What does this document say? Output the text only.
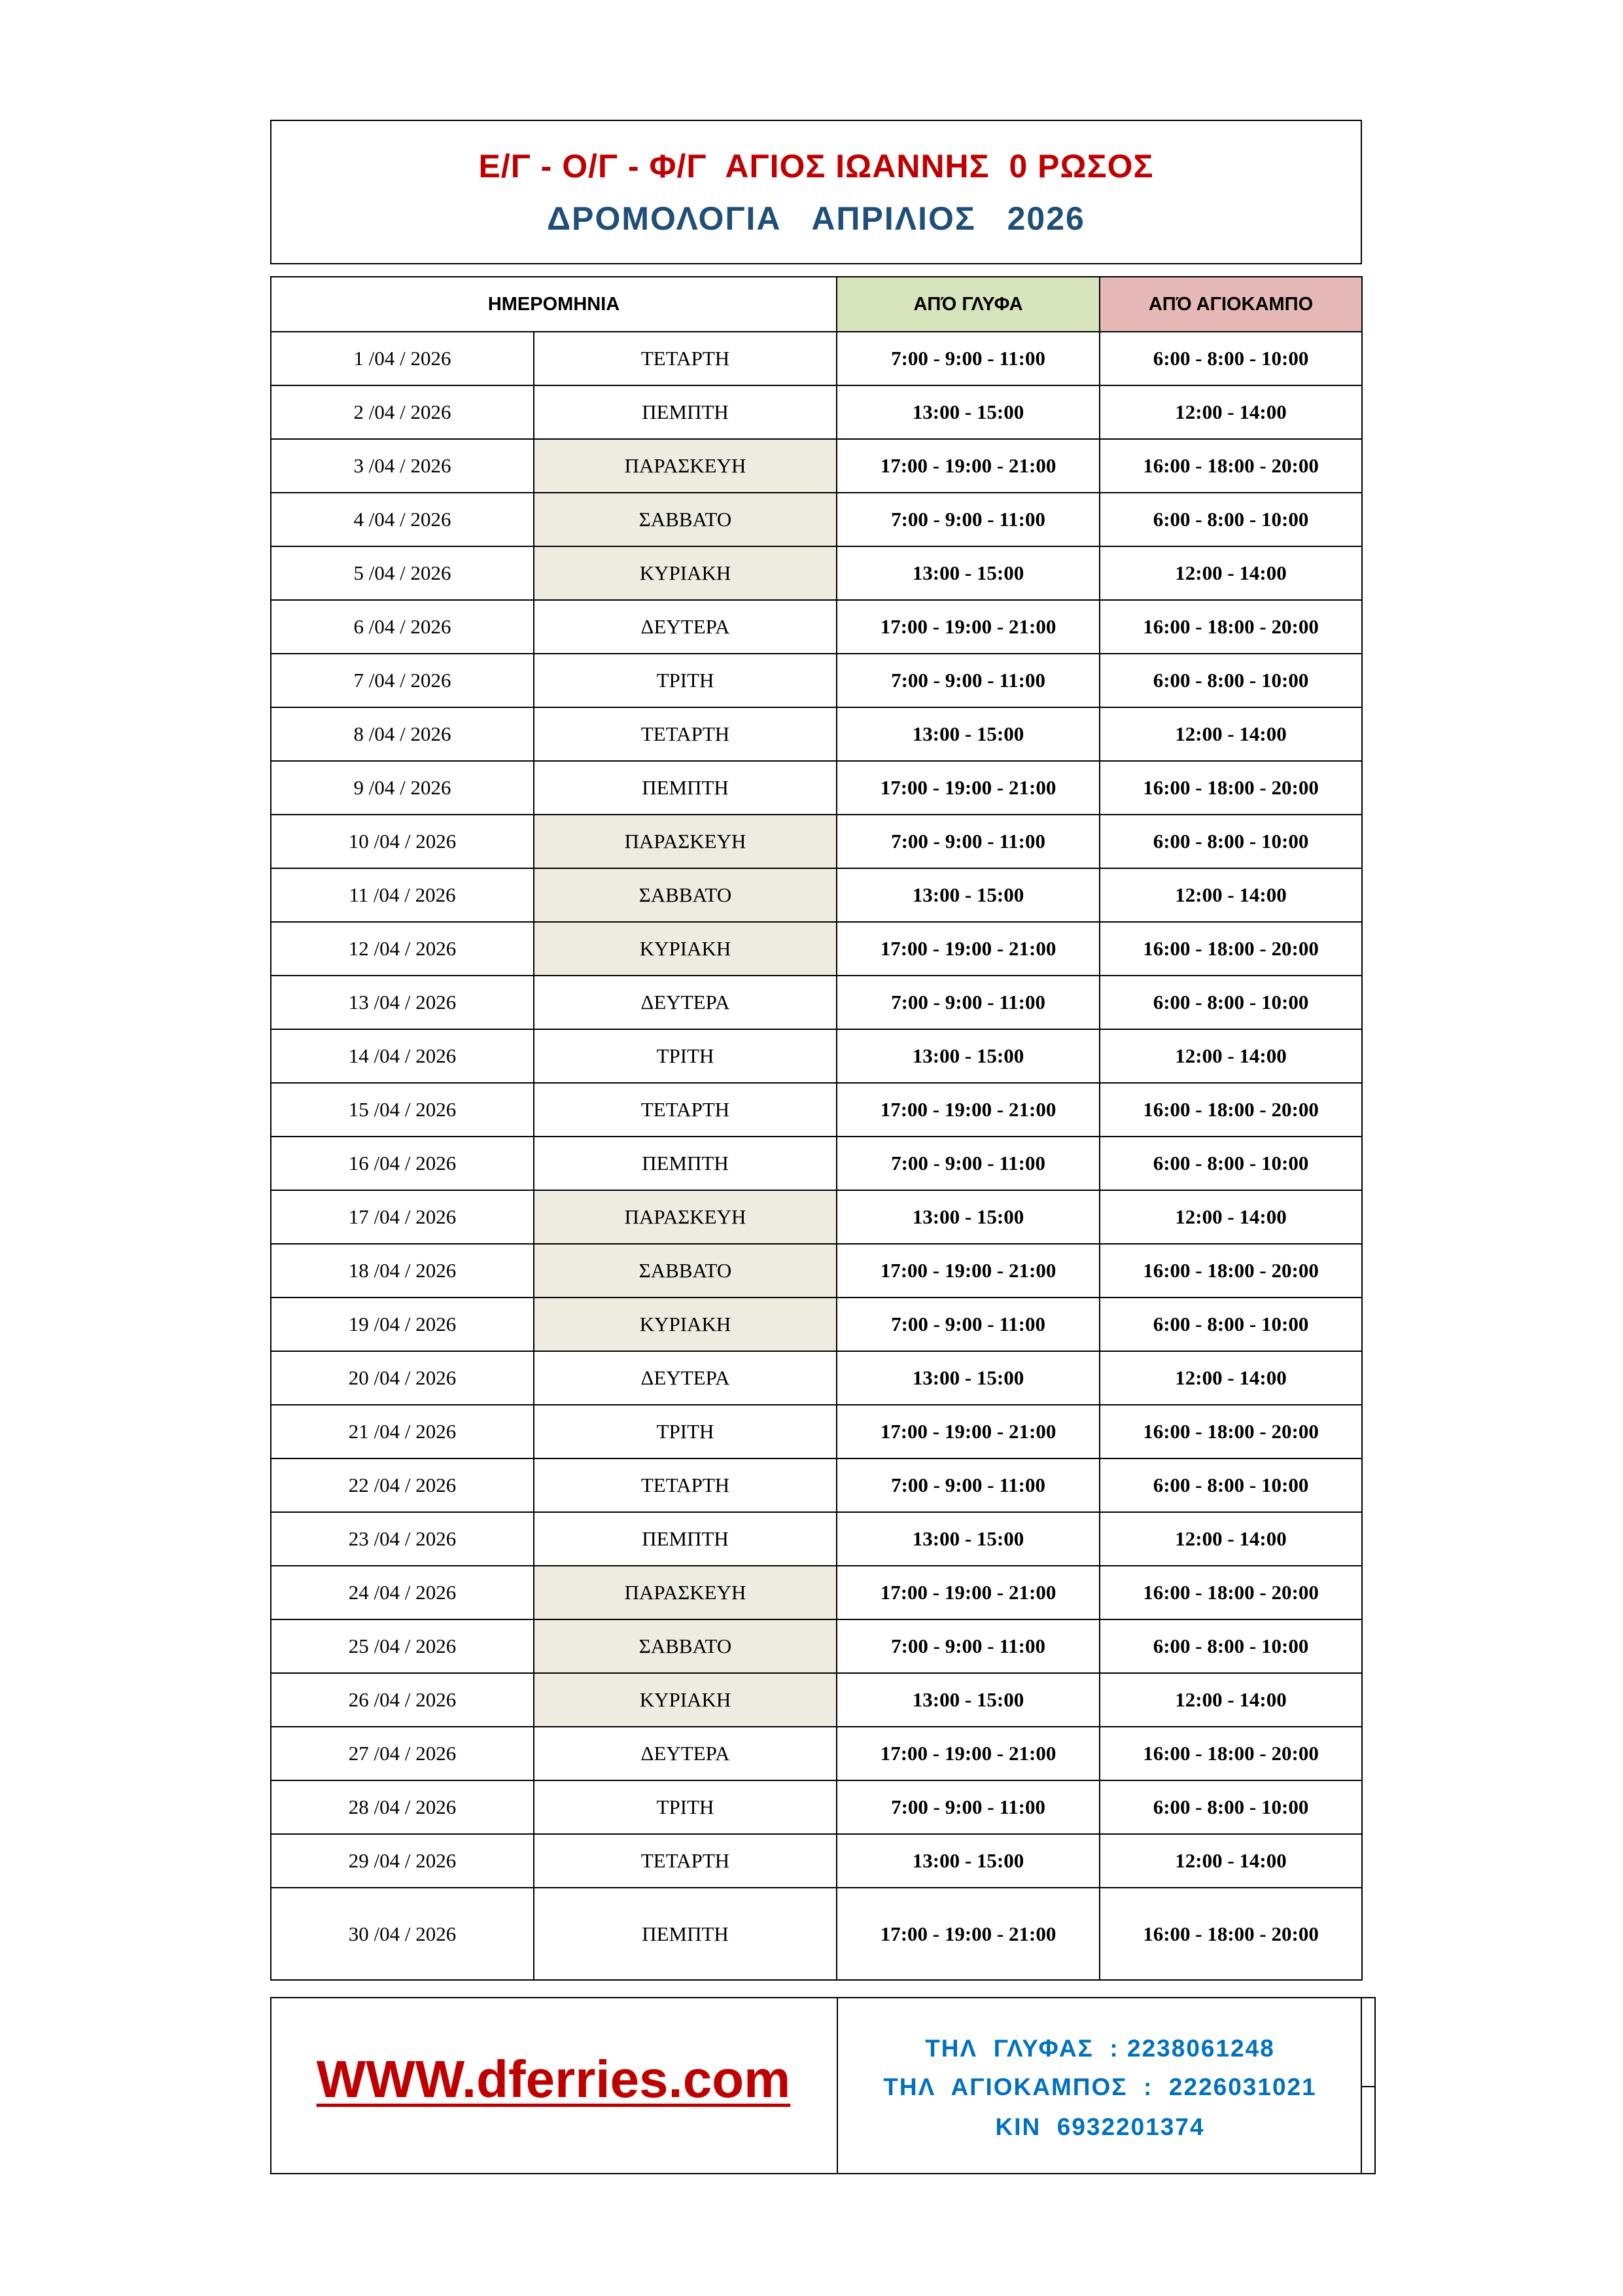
Ε/Γ - Ο/Γ - Φ/Γ  ΑΓΙΟΣ ΙΩΑΝΝΗΣ  0 ΡΩΣΟΣ
ΔΡΟΜΟΛΟΓΙΑ   ΑΠΡΙΛΙΟΣ   2026
ΗΜΕΡΟΜΗΝΙΑ		ΑΠΌ ΓΛΥΦΑ	ΑΠΌ ΑΓΙΟΚΑΜΠΟ
1 /04 / 2026	ΤΕΤΑΡΤΗ	7:00 - 9:00 - 11:00	6:00 - 8:00 - 10:00
2 /04 / 2026	ΠΕΜΠΤΗ	13:00 - 15:00	12:00 - 14:00
3 /04 / 2026	ΠΑΡΑΣΚΕΥΗ	17:00 - 19:00 - 21:00	16:00 - 18:00 - 20:00
4 /04 / 2026	ΣΑΒΒΑΤΟ	7:00 - 9:00 - 11:00	6:00 - 8:00 - 10:00
5 /04 / 2026	ΚΥΡΙΑΚΗ	13:00 - 15:00	12:00 - 14:00
6 /04 / 2026	ΔΕΥΤΕΡΑ	17:00 - 19:00 - 21:00	16:00 - 18:00 - 20:00
7 /04 / 2026	ΤΡΙΤΗ	7:00 - 9:00 - 11:00	6:00 - 8:00 - 10:00
8 /04 / 2026	ΤΕΤΑΡΤΗ	13:00 - 15:00	12:00 - 14:00
9 /04 / 2026	ΠΕΜΠΤΗ	17:00 - 19:00 - 21:00	16:00 - 18:00 - 20:00
10 /04 / 2026	ΠΑΡΑΣΚΕΥΗ	7:00 - 9:00 - 11:00	6:00 - 8:00 - 10:00
11 /04 / 2026	ΣΑΒΒΑΤΟ	13:00 - 15:00	12:00 - 14:00
12 /04 / 2026	ΚΥΡΙΑΚΗ	17:00 - 19:00 - 21:00	16:00 - 18:00 - 20:00
13 /04 / 2026	ΔΕΥΤΕΡΑ	7:00 - 9:00 - 11:00	6:00 - 8:00 - 10:00
14 /04 / 2026	ΤΡΙΤΗ	13:00 - 15:00	12:00 - 14:00
15 /04 / 2026	ΤΕΤΑΡΤΗ	17:00 - 19:00 - 21:00	16:00 - 18:00 - 20:00
16 /04 / 2026	ΠΕΜΠΤΗ	7:00 - 9:00 - 11:00	6:00 - 8:00 - 10:00
17 /04 / 2026	ΠΑΡΑΣΚΕΥΗ	13:00 - 15:00	12:00 - 14:00
18 /04 / 2026	ΣΑΒΒΑΤΟ	17:00 - 19:00 - 21:00	16:00 - 18:00 - 20:00
19 /04 / 2026	ΚΥΡΙΑΚΗ	7:00 - 9:00 - 11:00	6:00 - 8:00 - 10:00
20 /04 / 2026	ΔΕΥΤΕΡΑ	13:00 - 15:00	12:00 - 14:00
21 /04 / 2026	ΤΡΙΤΗ	17:00 - 19:00 - 21:00	16:00 - 18:00 - 20:00
22 /04 / 2026	ΤΕΤΑΡΤΗ	7:00 - 9:00 - 11:00	6:00 - 8:00 - 10:00
23 /04 / 2026	ΠΕΜΠΤΗ	13:00 - 15:00	12:00 - 14:00
24 /04 / 2026	ΠΑΡΑΣΚΕΥΗ	17:00 - 19:00 - 21:00	16:00 - 18:00 - 20:00
25 /04 / 2026	ΣΑΒΒΑΤΟ	7:00 - 9:00 - 11:00	6:00 - 8:00 - 10:00
26 /04 / 2026	ΚΥΡΙΑΚΗ	13:00 - 15:00	12:00 - 14:00
27 /04 / 2026	ΔΕΥΤΕΡΑ	17:00 - 19:00 - 21:00	16:00 - 18:00 - 20:00
28 /04 / 2026	ΤΡΙΤΗ	7:00 - 9:00 - 11:00	6:00 - 8:00 - 10:00
29 /04 / 2026	ΤΕΤΑΡΤΗ	13:00 - 15:00	12:00 - 14:00
30 /04 / 2026	ΠΕΜΠΤΗ	17:00 - 19:00 - 21:00	16:00 - 18:00 - 20:00
WWW.dferries.com
ΤΗΛ  ΓΛΥΦΑΣ  : 2238061248
ΤΗΛ  ΑΓΙΟΚΑΜΠΟΣ  :  2226031021
ΚΙΝ  6932201374
